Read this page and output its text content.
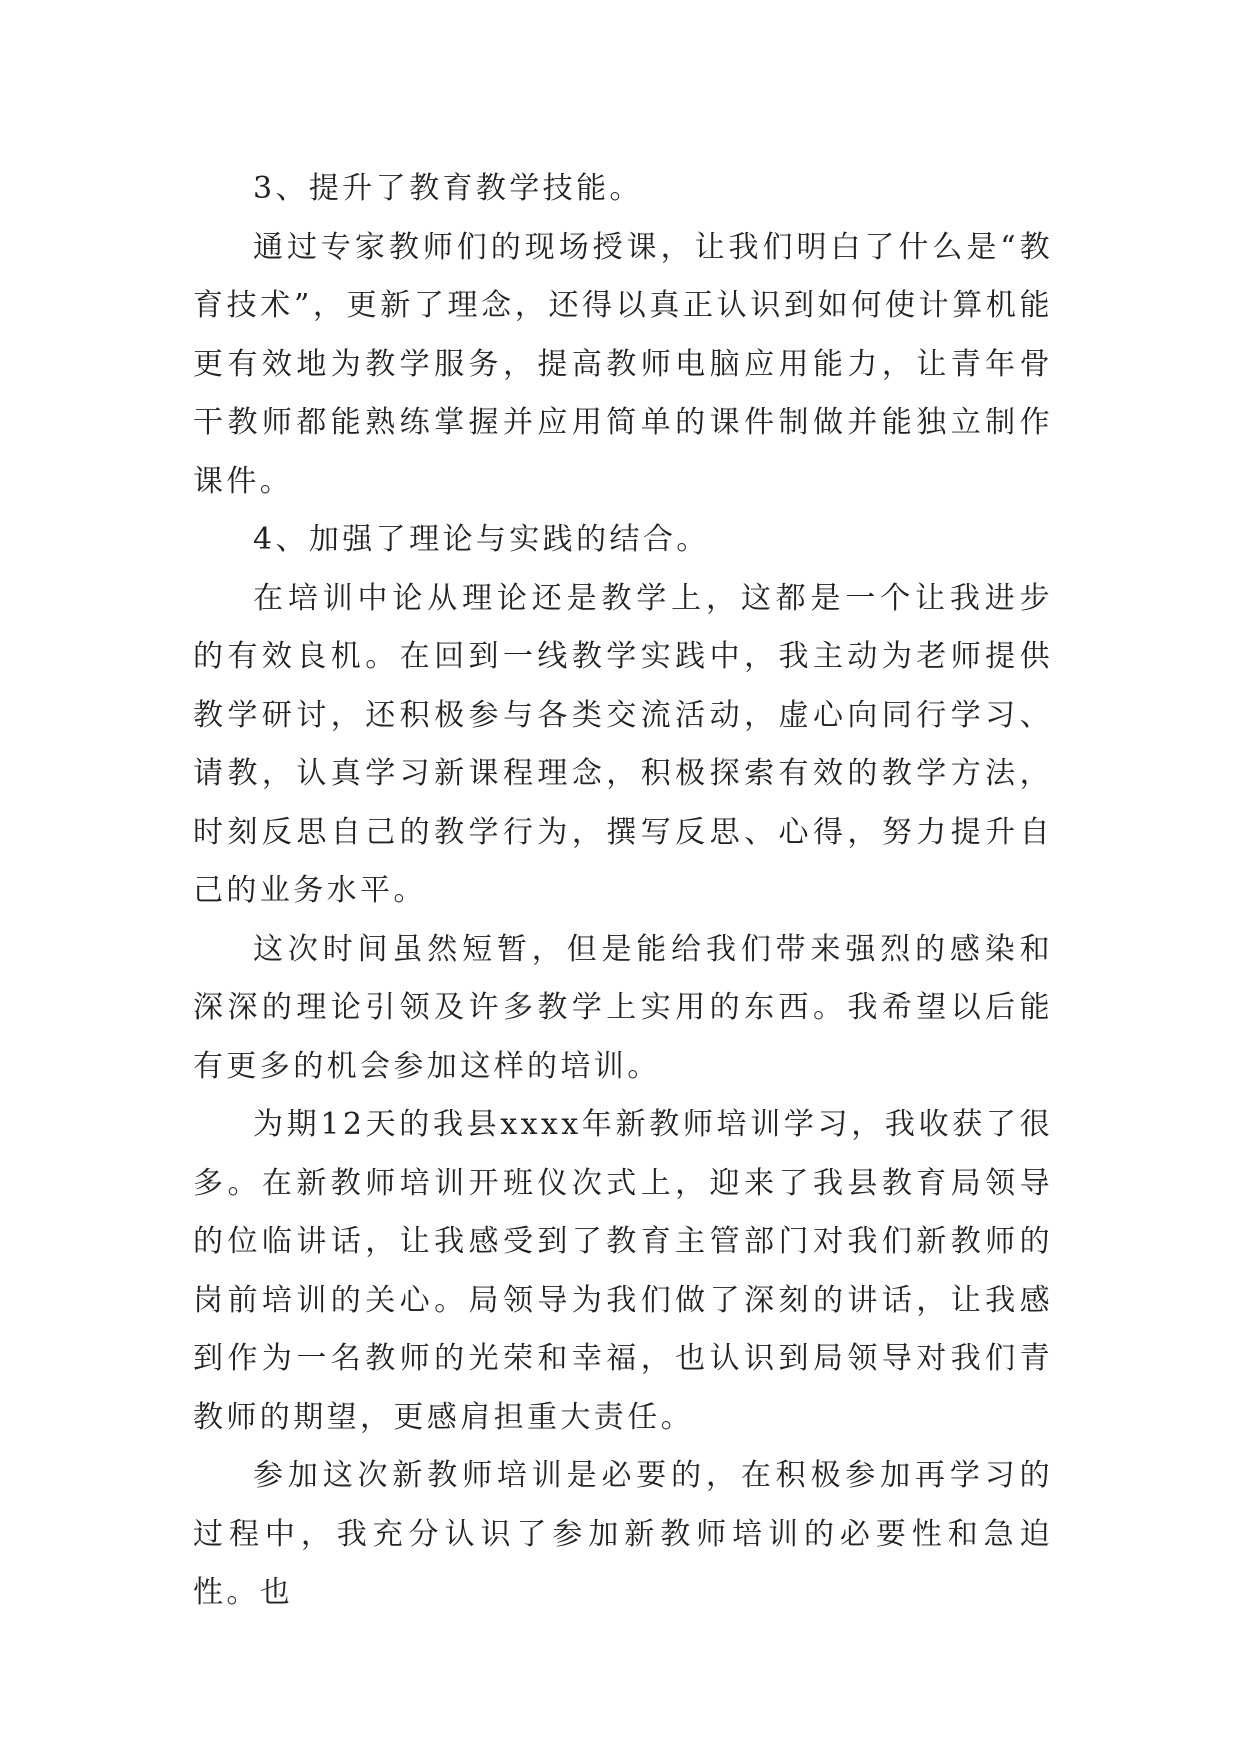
3、提升了教育教学技能。

通过专家教师们的现场授课，让我们明白了什么是“教育技术”，更新了理念，还得以真正认识到如何使计算机能更有效地为教学服务，提高教师电脑应用能力，让青年骨干教师都能熟练掌握并应用简单的课件制做并能独立制作课件。

4、加强了理论与实践的结合。

在培训中论从理论还是教学上，这都是一个让我进步的有效良机。在回到一线教学实践中，我主动为老师提供教学研讨，还积极参与各类交流活动，虚心向同行学习、请教，认真学习新课程理念，积极探索有效的教学方法，时刻反思自己的教学行为，撰写反思、心得，努力提升自己的业务水平。

这次时间虽然短暂，但是能给我们带来强烈的感染和深深的理论引领及许多教学上实用的东西。我希望以后能有更多的机会参加这样的培训。

为期12天的我县xxxx年新教师培训学习，我收获了很多。在新教师培训开班仪次式上，迎来了我县教育局领导的位临讲话，让我感受到了教育主管部门对我们新教师的岗前培训的关心。局领导为我们做了深刻的讲话，让我感到作为一名教师的光荣和幸福，也认识到局领导对我们青教师的期望，更感肩担重大责任。

参加这次新教师培训是必要的，在积极参加再学习的过程中，我充分认识了参加新教师培训的必要性和急迫性。也
